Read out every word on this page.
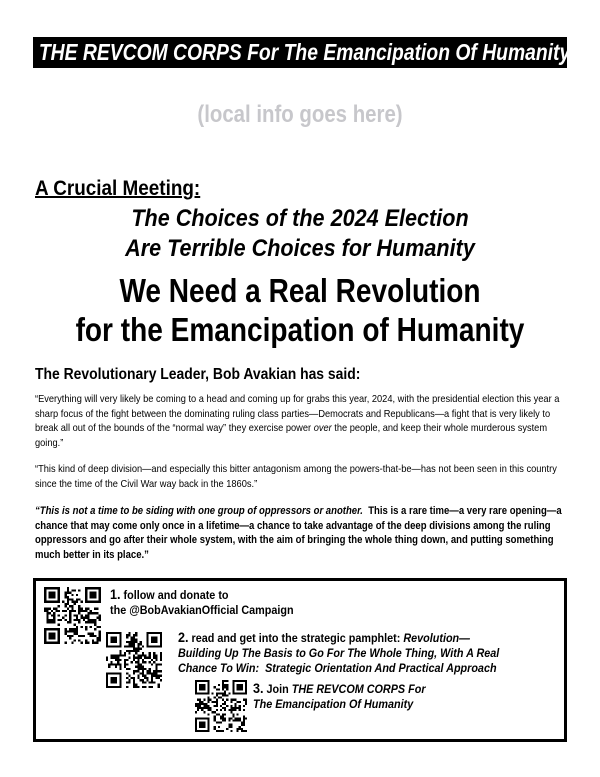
THE REVCOM CORPS For The Emancipation Of Humanity
(local info goes here)
A Crucial Meeting:
The Choices of the 2024 Election
Are Terrible Choices for Humanity
We Need a Real Revolution
for the Emancipation of Humanity
The Revolutionary Leader, Bob Avakian has said:

“Everything will very likely be coming to a head and coming up for grabs this year, 2024, with the presidential election this year a sharp focus of the fight between the dominating ruling class parties—Democrats and Republicans—a fight that is very likely to break all out of the bounds of the “normal way” they exercise power over the people, and keep their whole murderous system going.”

“This kind of deep division—and especially this bitter antagonism among the powers-that-be—has not been seen in this country since the time of the Civil War way back in the 1860s.”

“This is not a time to be siding with one group of oppressors or another.  This is a rare time—a very rare opening—a chance that may come only once in a lifetime—a chance to take advantage of the deep divisions among the ruling oppressors and go after their whole system, with the aim of bringing the whole thing down, and putting something much better in its place.”

1. follow and donate to
the @BobAvakianOfficial Campaign
2. read and get into the strategic pamphlet: Revolution—
Building Up The Basis to Go For The Whole Thing, With A Real
Chance To Win:  Strategic Orientation And Practical Approach
3. Join THE REVCOM CORPS For
The Emancipation Of Humanity
